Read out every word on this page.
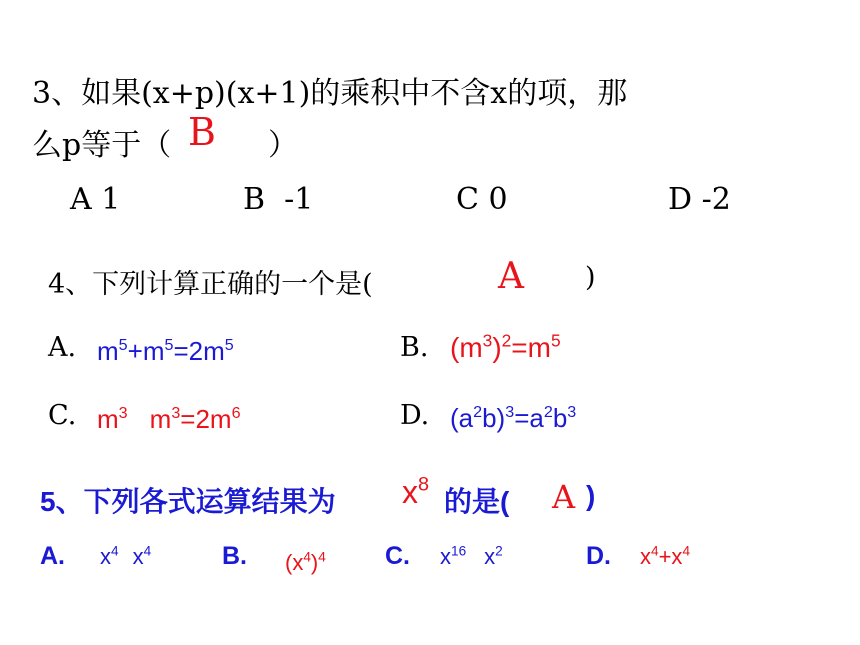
3、如果(x+p)(x+1)的乘积中不含x的项，那
么p等于（ B ）
A 1	B  -1	C 0	D -2
4、下列计算正确的一个是(	A )
A. $m^5+m^5=2m^5$	B. $(m^3)^2=m^5$
C. $m^3$ $m^3=2m^6$	D. $(a^2b)^3=a^2b^3$
5、下列各式运算结果为 $x^8$
的是( A )
A. $x^4$ $x^4$	B. $(x^4)^4$ C. $x^{16}$ $x^2$	D. $x^4+x^4$
